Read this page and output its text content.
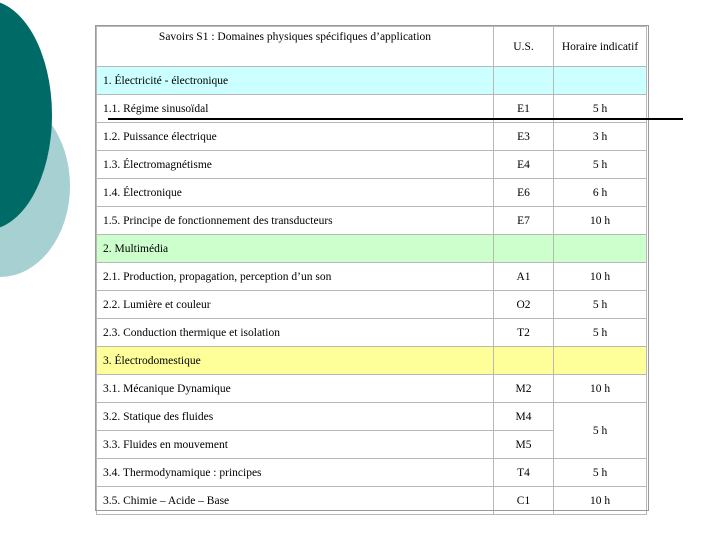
Savoirs S1 : Domaines physiques spécifiques d’application	U.S.	Horaire indicatif
1. Électricité - électronique		
1.1. Régime sinusoïdal	E1	5 h
1.2. Puissance électrique	E3	3 h
1.3. Électromagnétisme	E4	5 h
1.4. Électronique	E6	6 h
1.5. Principe de fonctionnement des transducteurs	E7	10 h
2. Multimédia		
2.1. Production, propagation, perception d’un son	A1	10 h
2.2. Lumière et couleur	O2	5 h
2.3. Conduction thermique et isolation	T2	5 h
3. Électrodomestique		
3.1. Mécanique Dynamique	M2	10 h
3.2. Statique des fluides	M4	5 h
3.3. Fluides en mouvement	M5	
3.4. Thermodynamique : principes	T4	5 h
3.5. Chimie – Acide – Base	C1	10 h
